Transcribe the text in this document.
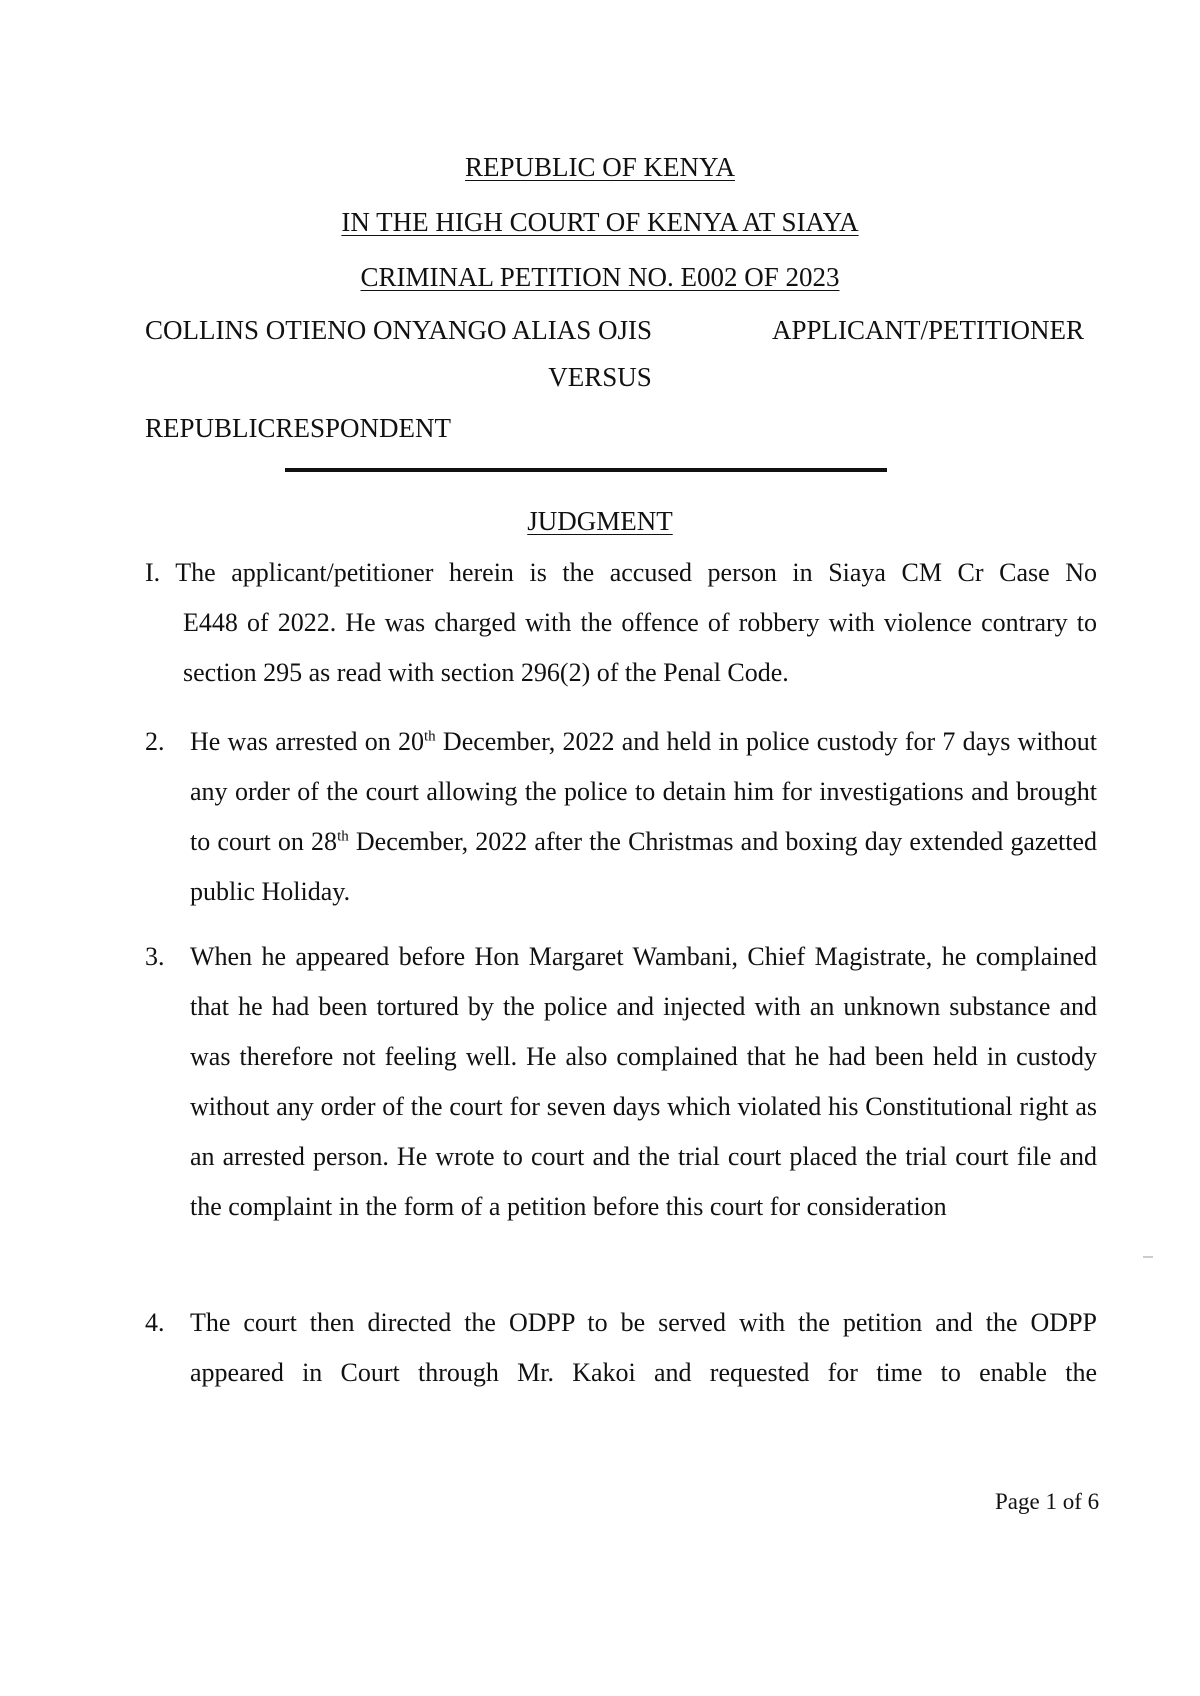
REPUBLIC OF KENYA
IN THE HIGH COURT OF KENYA AT SIAYA
CRIMINAL PETITION NO. E002 OF 2023
COLLINS OTIENO ONYANGO ALIAS OJIS	APPLICANT/PETITIONER
VERSUS
REPUBLICRESPONDENT
JUDGMENT
I. The applicant/petitioner herein is the accused person in Siaya CM Cr Case No
E448 of 2022. He was charged with the offence of robbery with violence contrary to section 295 as read with section 296(2) of the Penal Code.
2. He was arrested on 20th December, 2022 and held in police custody for 7 days without any order of the court allowing the police to detain him for investigations and brought to court on 28th December, 2022 after the Christmas and boxing day extended gazetted public Holiday.
3. When he appeared before Hon Margaret Wambani, Chief Magistrate, he complained that he had been tortured by the police and injected with an unknown substance and was therefore not feeling well. He also complained that he had been held in custody without any order of the court for seven days which violated his Constitutional right as an arrested person. He wrote to court and the trial court placed the trial court file and the complaint in the form of a petition before this court for consideration
4. The court then directed the ODPP to be served with the petition and the ODPP appeared in Court through Mr. Kakoi and requested for time to enable the
Page 1 of 6
